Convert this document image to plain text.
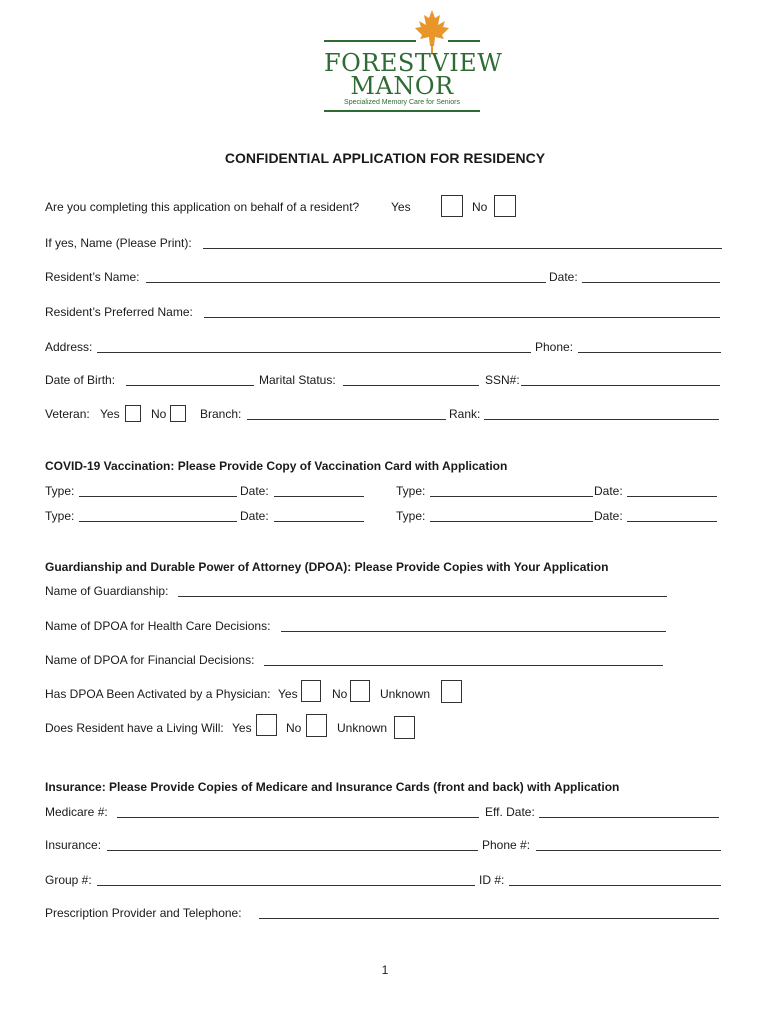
FORESTVIEW
MANOR
Specialized Memory Care for Seniors
CONFIDENTIAL APPLICATION FOR RESIDENCY
Are you completing this application on behalf of a resident?	Yes	No
If yes, Name (Please Print):
Resident’s Name:	Date:
Resident’s Preferred Name:
Address:	Phone:
Date of Birth:	Marital Status:	SSN#:
Veteran: Yes	No	Branch:	Rank:
COVID-19 Vaccination: Please Provide Copy of Vaccination Card with Application
Type:	Date:	Type:	Date:
Type:	Date:	Type:	Date:
Guardianship and Durable Power of Attorney (DPOA): Please Provide Copies with Your Application
Name of Guardianship:
Name of DPOA for Health Care Decisions:
Name of DPOA for Financial Decisions:
Has DPOA Been Activated by a Physician: Yes	No	Unknown
Does Resident have a Living Will: Yes	No	Unknown
Insurance: Please Provide Copies of Medicare and Insurance Cards (front and back) with Application
Medicare #:	Eff. Date:
Insurance:	Phone #:
Group #:	ID #:
Prescription Provider and Telephone:
1
